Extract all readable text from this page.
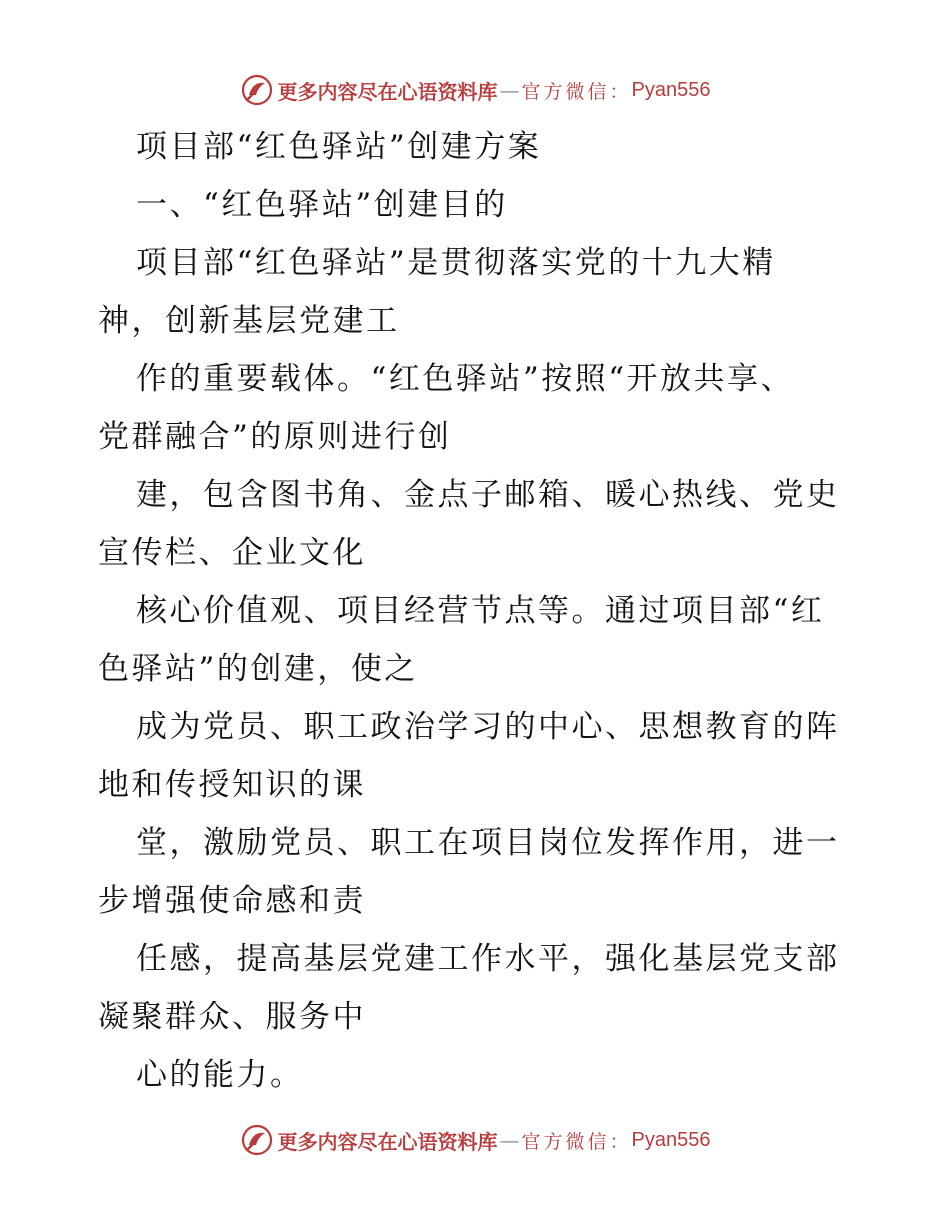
更多内容尽在心语资料库 — 官方微信： Pyan556
项目部“红色驿站”创建方案
一、“红色驿站”创建目的
项目部“红色驿站”是贯彻落实党的十九大精
神，创新基层党建工
作的重要载体。“红色驿站”按照“开放共享、
党群融合”的原则进行创
建，包含图书角、金点子邮箱、暖心热线、党史
宣传栏、企业文化
核心价值观、项目经营节点等。通过项目部“红
色驿站”的创建，使之
成为党员、职工政治学习的中心、思想教育的阵
地和传授知识的课
堂，激励党员、职工在项目岗位发挥作用，进一
步增强使命感和责
任感，提高基层党建工作水平，强化基层党支部
凝聚群众、服务中
心的能力。
更多内容尽在心语资料库 — 官方微信： Pyan556
